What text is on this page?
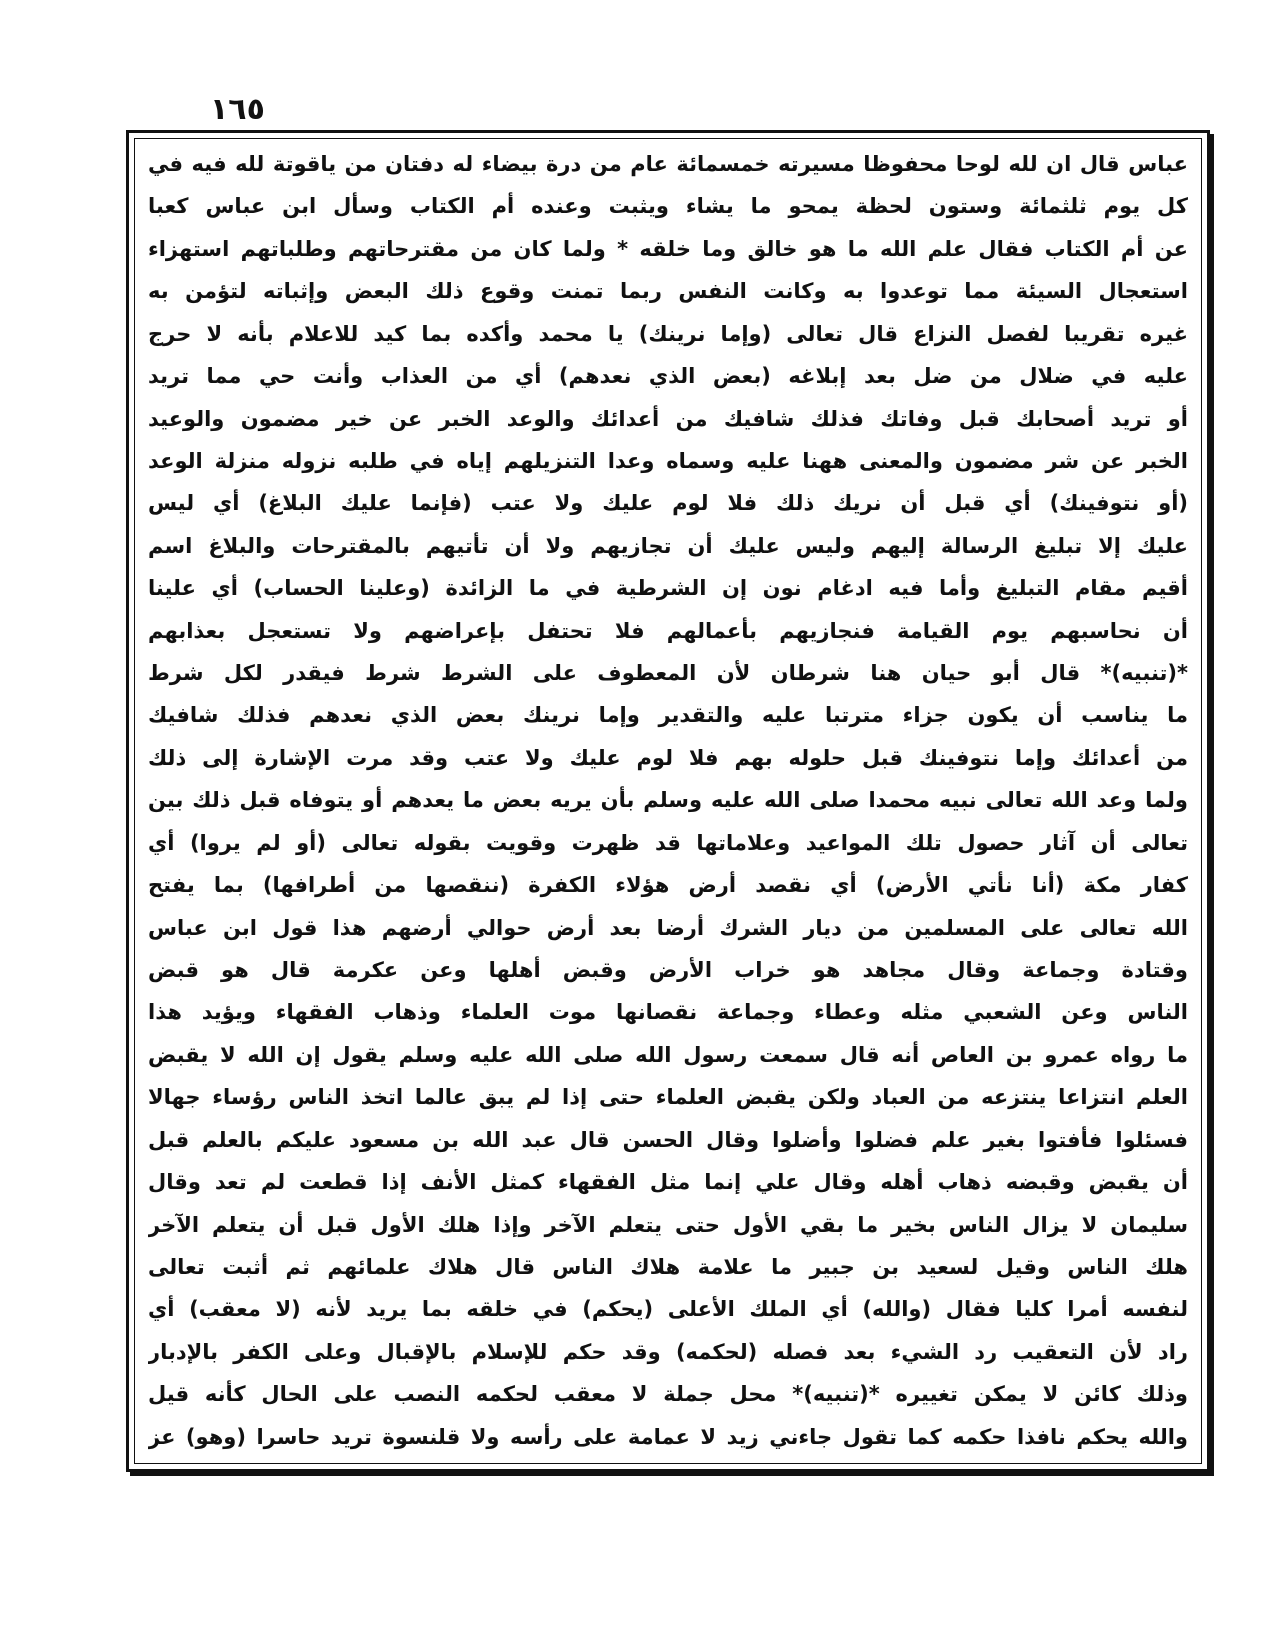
١٦٥
عباس قال ان لله لوحا محفوظا مسيرته خمسمائة عام من درة بيضاء له دفتان من ياقوتة لله فيه في
كل يوم ثلثمائة وستون لحظة يمحو ما يشاء ويثبت وعنده أم الكتاب وسأل ابن عباس كعبا
عن أم الكتاب فقال علم الله ما هو خالق وما خلقه * ولما كان من مقترحاتهم وطلباتهم استهزاء
استعجال السيئة مما توعدوا به وكانت النفس ربما تمنت وقوع ذلك البعض وإثباته لتؤمن به
غيره تقريبا لفصل النزاع قال تعالى (وإما نرينك) يا محمد وأكده بما كيد للاعلام بأنه لا حرج
عليه في ضلال من ضل بعد إبلاغه (بعض الذي نعدهم) أي من العذاب وأنت حي مما تريد
أو تريد أصحابك قبل وفاتك فذلك شافيك من أعدائك والوعد الخبر عن خير مضمون والوعيد
الخبر عن شر مضمون والمعنى ههنا عليه وسماه وعدا التنزيلهم إياه في طلبه نزوله منزلة الوعد
(أو نتوفينك) أي قبل أن نريك ذلك فلا لوم عليك ولا عتب (فإنما عليك البلاغ) أي ليس
عليك إلا تبليغ الرسالة إليهم وليس عليك أن تجازيهم ولا أن تأتيهم بالمقترحات والبلاغ اسم
أقيم مقام التبليغ وأما فيه ادغام نون إن الشرطية في ما الزائدة (وعلينا الحساب) أي علينا
أن نحاسبهم يوم القيامة فنجازيهم بأعمالهم فلا تحتفل بإعراضهم ولا تستعجل بعذابهم
*(تنبيه)* قال أبو حيان هنا شرطان لأن المعطوف على الشرط شرط فيقدر لكل شرط
ما يناسب أن يكون جزاء مترتبا عليه والتقدير وإما نرينك بعض الذي نعدهم فذلك شافيك
من أعدائك وإما نتوفينك قبل حلوله بهم فلا لوم عليك ولا عتب وقد مرت الإشارة إلى ذلك
ولما وعد الله تعالى نبيه محمدا صلى الله عليه وسلم بأن يريه بعض ما يعدهم أو يتوفاه قبل ذلك بين
تعالى أن آثار حصول تلك المواعيد وعلاماتها قد ظهرت وقويت بقوله تعالى (أو لم يروا) أي
كفار مكة (أنا نأتي الأرض) أي نقصد أرض هؤلاء الكفرة (ننقصها من أطرافها) بما يفتح
الله تعالى على المسلمين من ديار الشرك أرضا بعد أرض حوالي أرضهم هذا قول ابن عباس
وقتادة وجماعة وقال مجاهد هو خراب الأرض وقبض أهلها وعن عكرمة قال هو قبض
الناس وعن الشعبي مثله وعطاء وجماعة نقصانها موت العلماء وذهاب الفقهاء ويؤيد هذا
ما رواه عمرو بن العاص أنه قال سمعت رسول الله صلى الله عليه وسلم يقول إن الله لا يقبض
العلم انتزاعا ينتزعه من العباد ولكن يقبض العلماء حتى إذا لم يبق عالما اتخذ الناس رؤساء جهالا
فسئلوا فأفتوا بغير علم فضلوا وأضلوا وقال الحسن قال عبد الله بن مسعود عليكم بالعلم قبل
أن يقبض وقبضه ذهاب أهله وقال علي إنما مثل الفقهاء كمثل الأنف إذا قطعت لم تعد وقال
سليمان لا يزال الناس بخير ما بقي الأول حتى يتعلم الآخر وإذا هلك الأول قبل أن يتعلم الآخر
هلك الناس وقيل لسعيد بن جبير ما علامة هلاك الناس قال هلاك علمائهم ثم أثبت تعالى
لنفسه أمرا كليا فقال (والله) أي الملك الأعلى (يحكم) في خلقه بما يريد لأنه (لا معقب) أي
راد لأن التعقيب رد الشيء بعد فصله (لحكمه) وقد حكم للإسلام بالإقبال وعلى الكفر بالإدبار
وذلك كائن لا يمكن تغييره *(تنبيه)* محل جملة لا معقب لحكمه النصب على الحال كأنه قيل
والله يحكم نافذا حكمه كما تقول جاءني زيد لا عمامة على رأسه ولا قلنسوة تريد حاسرا (وهو) عز
